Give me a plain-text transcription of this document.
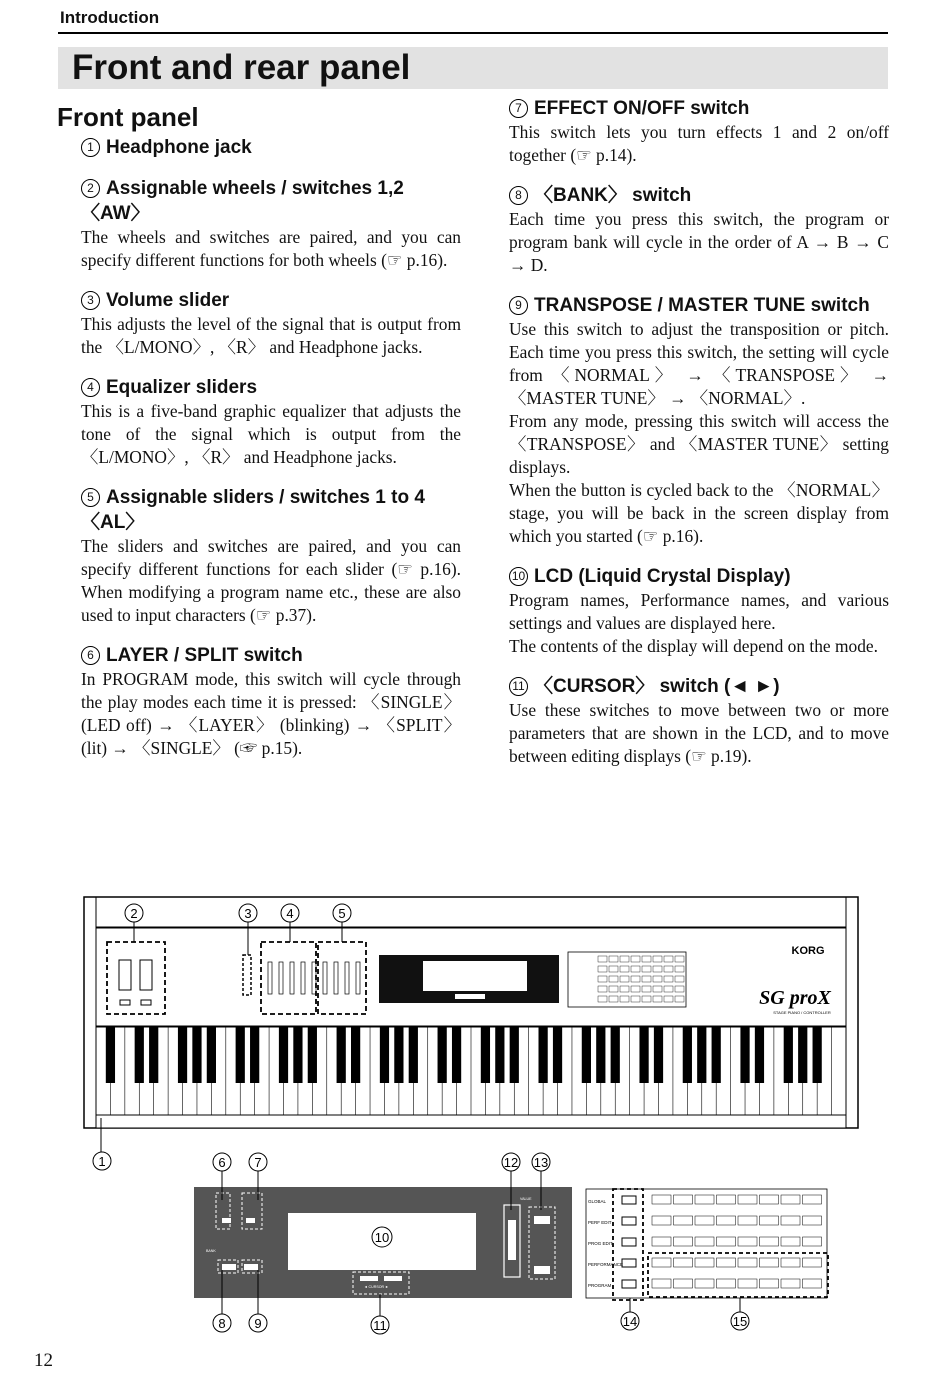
Introduction
Front and rear panel
Front panel
1 Headphone jack
2 Assignable wheels / switches 1,2 〈AW〉

The wheels and switches are paired, and you can specify different functions for both wheels (☞ p.16).

3 Volume slider

This adjusts the level of the signal that is output from the 〈L/MONO〉, 〈R〉 and Headphone jacks.

4 Equalizer sliders

This is a five-band graphic equalizer that adjusts the tone of the signal which is output from the 〈L/MONO〉, 〈R〉 and Headphone jacks.

5 Assignable sliders / switches 1 to 4 〈AL〉

The sliders and switches are paired, and you can specify different functions for each slider (☞ p.16). When modifying a program name etc., these are also used to input characters (☞ p.37).

6 LAYER / SPLIT switch

In PROGRAM mode, this switch will cycle through the play modes each time it is pressed: 〈SINGLE〉 (LED off) → 〈LAYER〉 (blinking) → 〈SPLIT〉 (lit) → 〈SINGLE〉 (☞ p.15).

7 EFFECT ON/OFF switch

This switch lets you turn effects 1 and 2 on/off together (☞ p.14).

8 〈BANK〉 switch

Each time you press this switch, the program or program bank will cycle in the order of A → B → C → D.

9 TRANSPOSE / MASTER TUNE switch

Use this switch to adjust the transposition or pitch. Each time you press this switch, the setting will cycle from 〈NORMAL〉 → 〈TRANSPOSE〉 → 〈MASTER TUNE〉 → 〈NORMAL〉.

From any mode, pressing this switch will access the 〈TRANSPOSE〉 and 〈MASTER TUNE〉 setting displays.

When the button is cycled back to the 〈NORMAL〉 stage, you will be back in the screen display from which you started (☞ p.16).

10 LCD (Liquid Crystal Display)

Program names, Performance names, and various settings and values are displayed here.

The contents of the display will depend on the mode.

11 〈CURSOR〉 switch (◄ ►)

Use these switches to move between two or more parameters that are shown in the LCD, and to move between editing displays (☞ p.19).

KORG
SG proX
STAGE PIANO / CONTROLLER
2	3	4	5
1
BANK
◄ CURSOR ►
VALUE	GLOBAL
PERF EDIT
PROG EDIT
PERFORMANCE
PROGRAM
6 7	12 13
10
8 9	11	14	15
12
